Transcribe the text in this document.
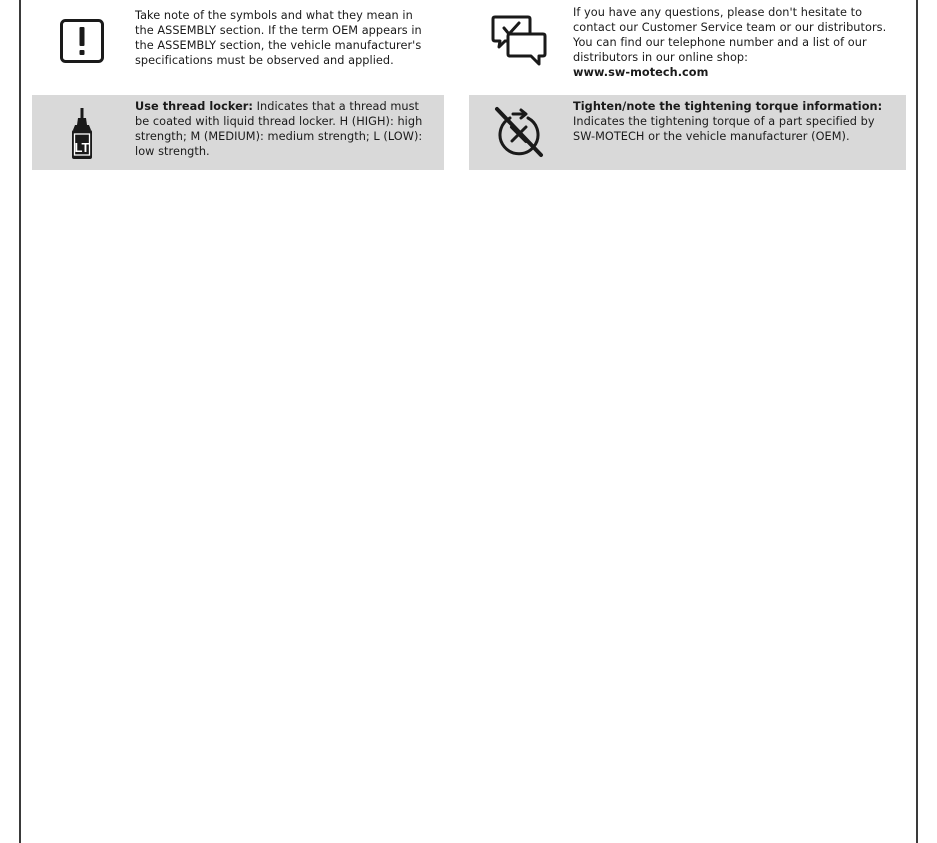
Take note of the symbols and what they mean in the ASSEMBLY section. If the term OEM appears in the ASSEMBLY section, the vehicle manufacturer's specifications must be observed and applied.

If you have any questions, please don't hesitate to contact our Customer Service team or our distributors. You can find our telephone number and a list of our distributors in our online shop:

www.sw-motech.com

LT

Use thread locker: Indicates that a thread must be coated with liquid thread locker. H (HIGH): high strength; M (MEDIUM): medium strength; L (LOW): low strength.

Tighten/note the tightening torque information:

Indicates the tightening torque of a part specified by SW-MOTECH or the vehicle manufacturer (OEM).
